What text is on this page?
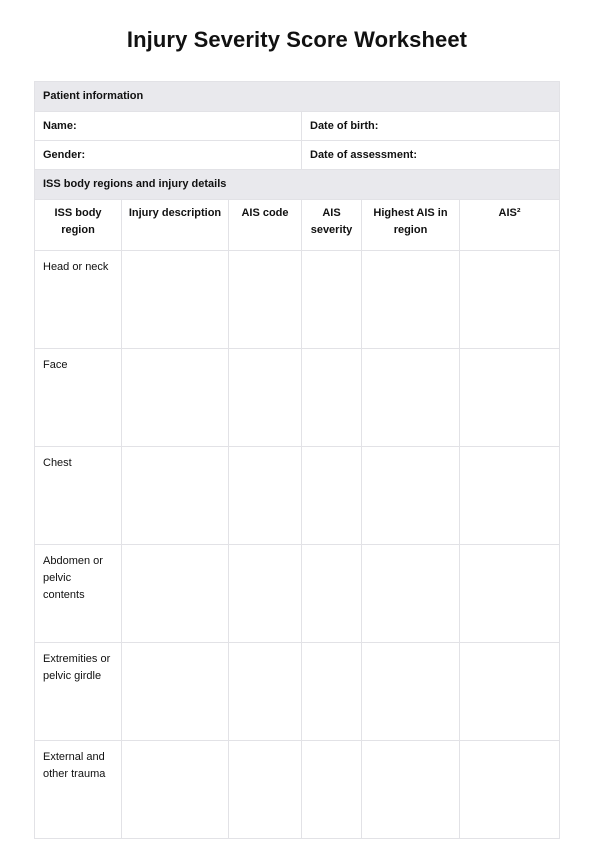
Injury Severity Score Worksheet
Patient information					
Name:			Date of birth:		
Gender:			Date of assessment:		
ISS body regions and injury details					
ISS body region	Injury description	AIS code	AIS severity	Highest AIS in region	AIS²
Head or neck					
Face					
Chest					
Abdomen or pelvic contents					
Extremities or pelvic girdle					
External and other trauma					
